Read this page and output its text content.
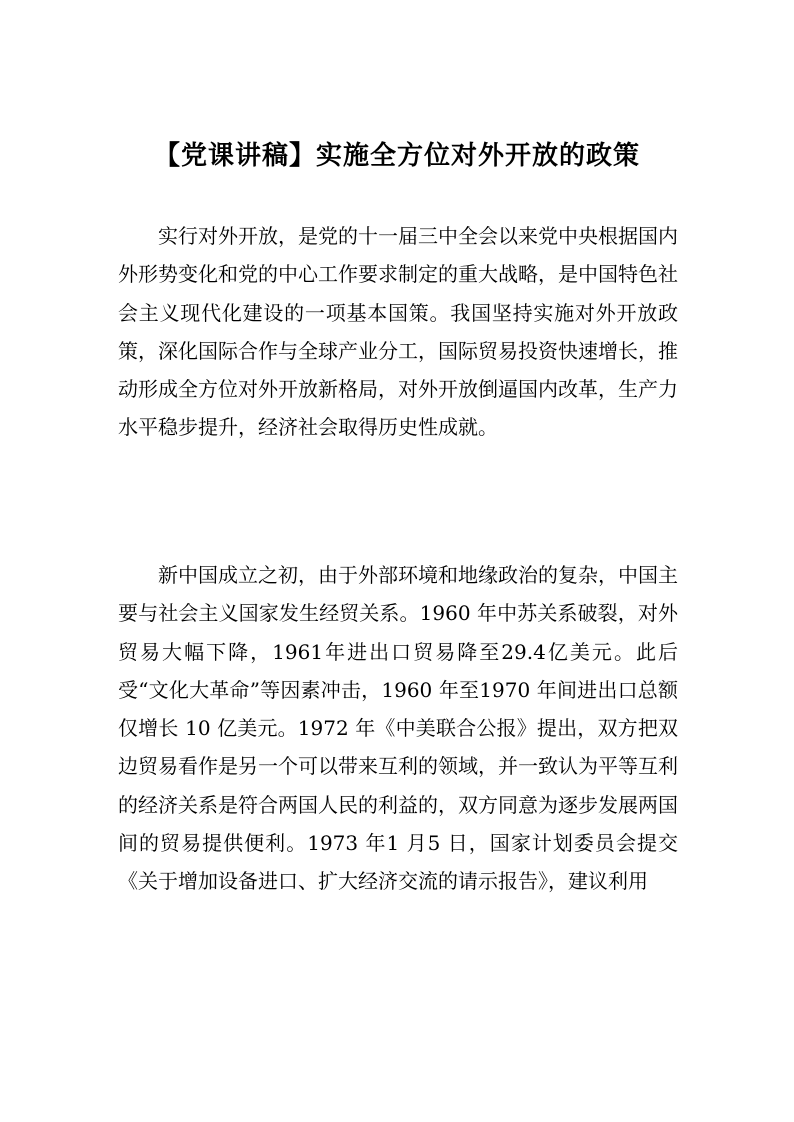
【党课讲稿】实施全方位对外开放的政策

实行对外开放，是党的十一届三中全会以来党中央根据国内外形势变化和党的中心工作要求制定的重大战略，是中国特色社会主义现代化建设的一项基本国策。我国坚持实施对外开放政策，深化国际合作与全球产业分工，国际贸易投资快速增长，推动形成全方位对外开放新格局，对外开放倒逼国内改革，生产力水平稳步提升，经济社会取得历史性成就。

新中国成立之初，由于外部环境和地缘政治的复杂，中国主要与社会主义国家发生经贸关系。1960 年中苏关系破裂，对外贸易大幅下降，1961年进出口贸易降至29.4亿美元。此后受“文化大革命”等因素冲击，1960 年至1970 年间进出口总额仅增长 10 亿美元。1972 年《中美联合公报》提出，双方把双边贸易看作是另一个可以带来互利的领域，并一致认为平等互利的经济关系是符合两国人民的利益的，双方同意为逐步发展两国间的贸易提供便利。1973 年1 月5 日，国家计划委员会提交《关于增加设备进口、扩大经济交流的请示报告》，建议利用
